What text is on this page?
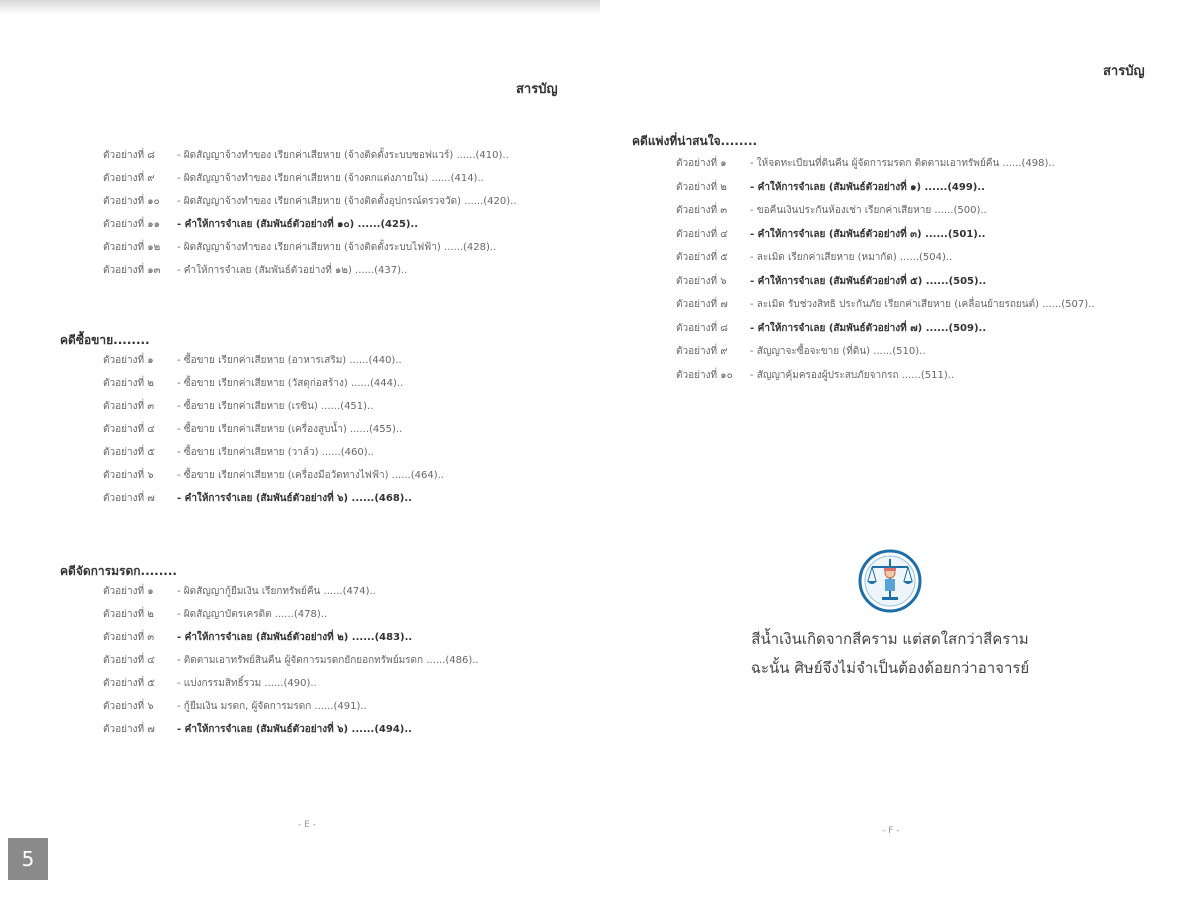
สารบัญ
ตัวอย่างที่ ๘ - ผิดสัญญาจ้างทำของ เรียกค่าเสียหาย (จ้างติดตั้งระบบซอฟแวร์) ......(410)..
ตัวอย่างที่ ๙ - ผิดสัญญาจ้างทำของ เรียกค่าเสียหาย (จ้างตกแต่งภายใน) ......(414)..
ตัวอย่างที่ ๑๐ - ผิดสัญญาจ้างทำของ เรียกค่าเสียหาย (จ้างติดตั้งอุปกรณ์ตรวจวัด) ......(420)..
ตัวอย่างที่ ๑๑ - คำให้การจำเลย (สัมพันธ์ตัวอย่างที่ ๑๐) ......(425)..
ตัวอย่างที่ ๑๒ - ผิดสัญญาจ้างทำของ เรียกค่าเสียหาย (จ้างติดตั้งระบบไฟฟ้า) ......(428)..
ตัวอย่างที่ ๑๓ - คำให้การจำเลย (สัมพันธ์ตัวอย่างที่ ๑๒) ......(437)..
คดีซื้อขาย........
ตัวอย่างที่ ๑ - ซื้อขาย เรียกค่าเสียหาย (อาหารเสริม) ......(440)..
ตัวอย่างที่ ๒ - ซื้อขาย เรียกค่าเสียหาย (วัสดุก่อสร้าง) ......(444)..
ตัวอย่างที่ ๓ - ซื้อขาย เรียกค่าเสียหาย (เรซิน) ......(451)..
ตัวอย่างที่ ๔ - ซื้อขาย เรียกค่าเสียหาย (เครื่องสูบน้ำ) ......(455)..
ตัวอย่างที่ ๕ - ซื้อขาย เรียกค่าเสียหาย (วาล์ว) ......(460)..
ตัวอย่างที่ ๖ - ซื้อขาย เรียกค่าเสียหาย (เครื่องมือวัดทางไฟฟ้า) ......(464)..
ตัวอย่างที่ ๗ - คำให้การจำเลย (สัมพันธ์ตัวอย่างที่ ๖) ......(468)..
คดีจัดการมรดก........
ตัวอย่างที่ ๑ - ผิดสัญญากู้ยืมเงิน เรียกทรัพย์คืน ......(474)..
ตัวอย่างที่ ๒ - ผิดสัญญาบัตรเครดิต ......(478)..
ตัวอย่างที่ ๓ - คำให้การจำเลย (สัมพันธ์ตัวอย่างที่ ๒) ......(483)..
ตัวอย่างที่ ๔ - ติดตามเอาทรัพย์สินคืน ผู้จัดการมรดกยักยอกทรัพย์มรดก ......(486)..
ตัวอย่างที่ ๕ - แบ่งกรรมสิทธิ์รวม ......(490)..
ตัวอย่างที่ ๖ - กู้ยืมเงิน มรดก, ผู้จัดการมรดก ......(491)..
ตัวอย่างที่ ๗ - คำให้การจำเลย (สัมพันธ์ตัวอย่างที่ ๖) ......(494)..
- E -
5
สารบัญ
คดีแพ่งที่น่าสนใจ........
ตัวอย่างที่ ๑ - ให้จดทะเบียนที่ดินคืน ผู้จัดการมรดก ติดตามเอาทรัพย์คืน ......(498)..
ตัวอย่างที่ ๒ - คำให้การจำเลย (สัมพันธ์ตัวอย่างที่ ๑) ......(499)..
ตัวอย่างที่ ๓ - ขอคืนเงินประกันห้องเช่า เรียกค่าเสียหาย ......(500)..
ตัวอย่างที่ ๔ - คำให้การจำเลย (สัมพันธ์ตัวอย่างที่ ๓) ......(501)..
ตัวอย่างที่ ๕ - ละเมิด เรียกค่าเสียหาย (หมากัด) ......(504)..
ตัวอย่างที่ ๖ - คำให้การจำเลย (สัมพันธ์ตัวอย่างที่ ๕) ......(505)..
ตัวอย่างที่ ๗ - ละเมิด รับช่วงสิทธิ ประกันภัย เรียกค่าเสียหาย (เคลื่อนย้ายรถยนต์) ......(507)..
ตัวอย่างที่ ๘ - คำให้การจำเลย (สัมพันธ์ตัวอย่างที่ ๗) ......(509)..
ตัวอย่างที่ ๙ - สัญญาจะซื้อจะขาย (ที่ดิน) ......(510)..
ตัวอย่างที่ ๑๐ - สัญญาคุ้มครองผู้ประสบภัยจากรถ ......(511)..
สีน้ำเงินเกิดจากสีคราม แต่สดใสกว่าสีคราม
ฉะนั้น ศิษย์จึงไม่จำเป็นต้องด้อยกว่าอาจารย์
- F -
